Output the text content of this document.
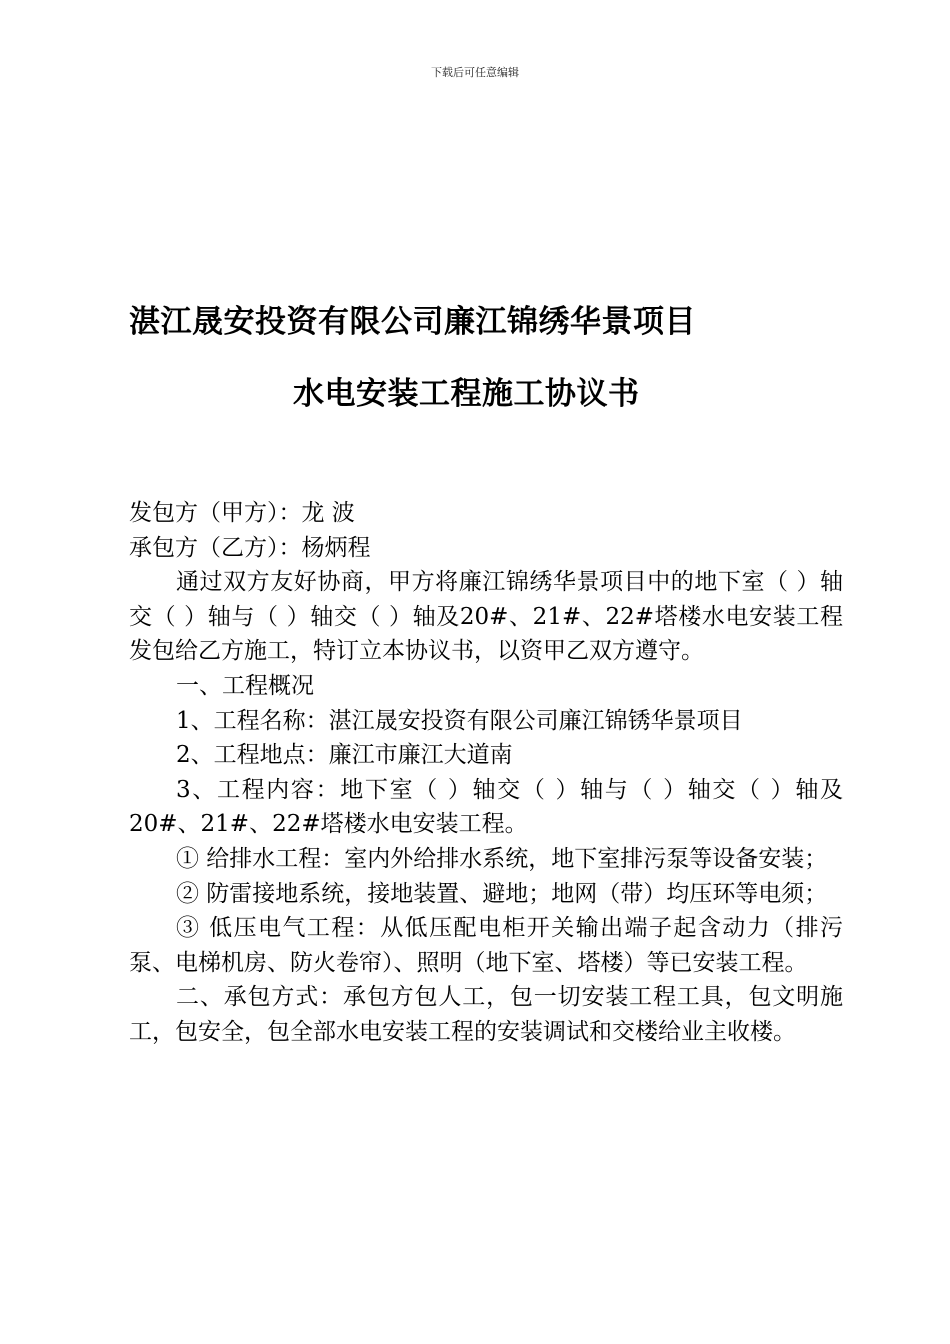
下载后可任意编辑
湛江晟安投资有限公司廉江锦绣华景项目
水电安装工程施工协议书

发包方（甲方）：龙 波

承包方（乙方）：杨炳程

通过双方友好协商，甲方将廉江锦绣华景项目中的地下室（ ）轴交（ ）轴与（ ）轴交（ ）轴及20#、21#、22#塔楼水电安装工程发包给乙方施工，特订立本协议书，以资甲乙双方遵守。

一、工程概况

1、工程名称：湛江晟安投资有限公司廉江锦锈华景项目

2、工程地点：廉江市廉江大道南

3、工程内容：地下室（ ）轴交（ ）轴与（ ）轴交（ ）轴及20#、21#、22#塔楼水电安装工程。

① 给排水工程：室内外给排水系统，地下室排污泵等设备安装；

② 防雷接地系统，接地装置、避地；地网（带）均压环等电须；

③ 低压电气工程：从低压配电柜开关输出端子起含动力（排污泵、电梯机房、防火卷帘）、照明（地下室、塔楼）等已安装工程。

二、承包方式：承包方包人工，包一切安装工程工具，包文明施工，包安全，包全部水电安装工程的安装调试和交楼给业主收楼。
